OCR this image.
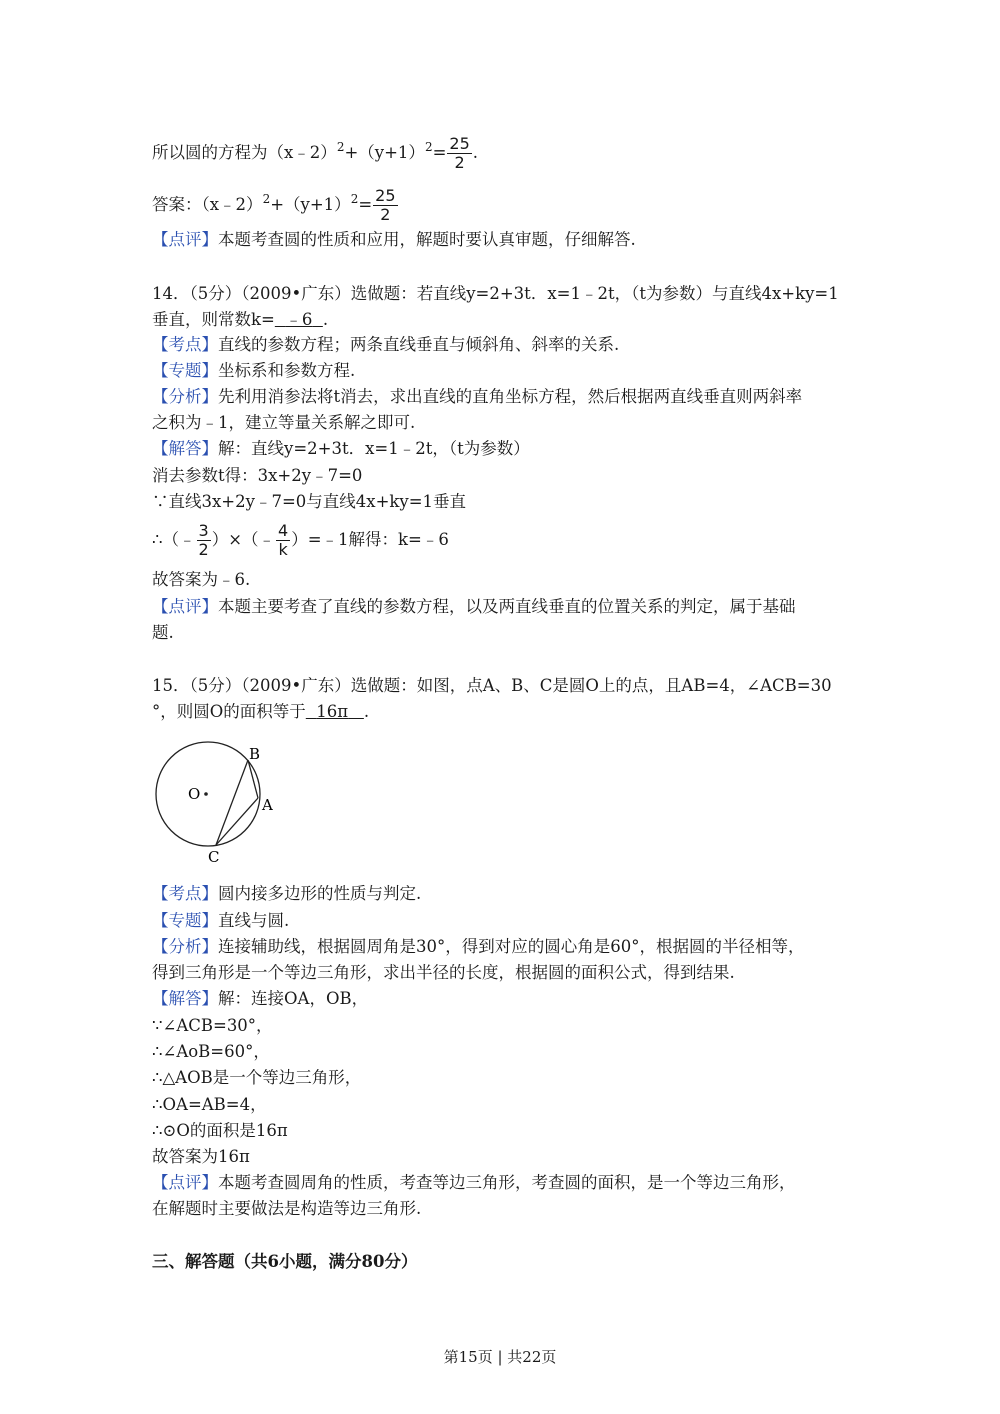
所以圆的方程为$(x﹣2)^2+(y+1)^2= \frac{25}{2}$ .
答案：$(x﹣2)^2+(y+1)^2= \frac{25}{2}$
【点评】本题考查圆的性质和应用，解题时要认真审题，仔细解答.
14．（5分）（2009•广东）选做题：若直线y=2+3t．x=1﹣2t，（t为参数）与直线4x+ky=1
垂直，则常数k= ﹣6 .
【考点】直线的参数方程；两条直线垂直与倾斜角、斜率的关系.
【专题】坐标系和参数方程.
【分析】先利用消参法将t消去，求出直线的直角坐标方程，然后根据两直线垂直则两斜率
之积为﹣1，建立等量关系解之即可.
【解答】解：直线y=2+3t．x=1﹣2t，（t为参数）
消去参数t得：3x+2y﹣7=0
∵直线3x+2y﹣7=0与直线4x+ky=1垂直
∴（﹣ $\frac{3}{2}$ ）×（﹣ $\frac{4}{k}$ ）=﹣1解得：k=﹣6
故答案为﹣6.
【点评】本题主要考查了直线的参数方程，以及两直线垂直的位置关系的判定，属于基础
题.
15．（5分）（2009•广东）选做题：如图，点A、B、C是圆O上的点，且AB=4，∠ACB=30
°，则圆O的面积等于 16π .
O
B
A
C
【考点】圆内接多边形的性质与判定.
【专题】直线与圆.
【分析】连接辅助线，根据圆周角是30°，得到对应的圆心角是60°，根据圆的半径相等，
得到三角形是一个等边三角形，求出半径的长度，根据圆的面积公式，得到结果.
【解答】解：连接OA，OB，
∵∠ACB=30°，
∴∠AoB=60°，
∴△AOB是一个等边三角形，
∴OA=AB=4，
∴⊙O的面积是16π
故答案为16π
【点评】本题考查圆周角的性质，考查等边三角形，考查圆的面积，是一个等边三角形，
在解题时主要做法是构造等边三角形.
三、解答题（共6小题，满分80分）
第15页 | 共22页
